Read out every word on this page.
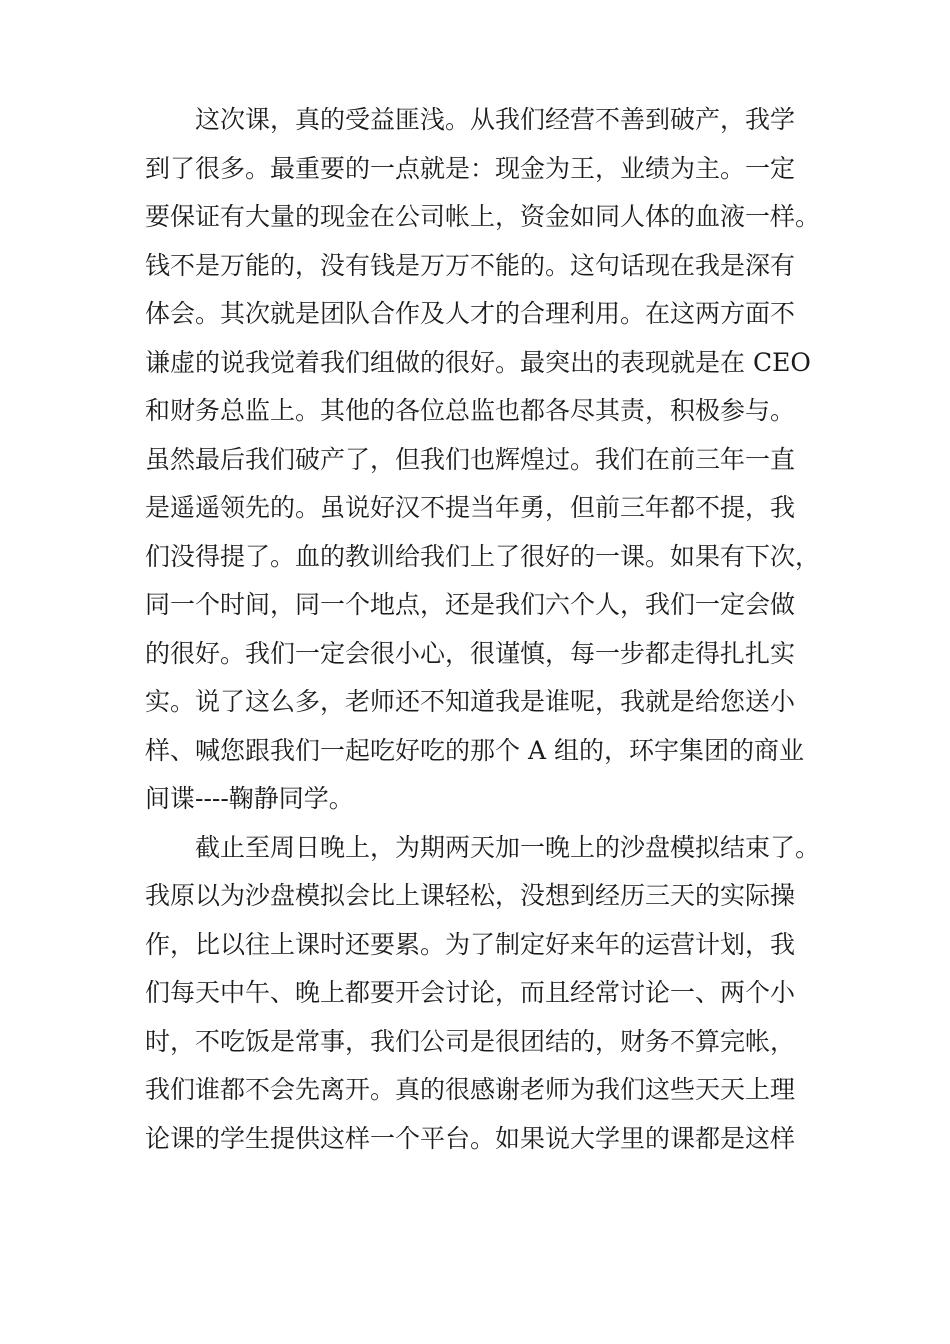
这次课，真的受益匪浅。从我们经营不善到破产，我学
到了很多。最重要的一点就是：现金为王，业绩为主。一定
要保证有大量的现金在公司帐上，资金如同人体的血液一样。
钱不是万能的，没有钱是万万不能的。这句话现在我是深有
体会。其次就是团队合作及人才的合理利用。在这两方面不
谦虚的说我觉着我们组做的很好。最突出的表现就是在 CEO
和财务总监上。其他的各位总监也都各尽其责，积极参与。
虽然最后我们破产了，但我们也辉煌过。我们在前三年一直
是遥遥领先的。虽说好汉不提当年勇，但前三年都不提，我
们没得提了。血的教训给我们上了很好的一课。如果有下次，
同一个时间，同一个地点，还是我们六个人，我们一定会做
的很好。我们一定会很小心，很谨慎，每一步都走得扎扎实
实。说了这么多，老师还不知道我是谁呢，我就是给您送小
样、喊您跟我们一起吃好吃的那个 A 组的，环宇集团的商业
间谍----鞠静同学。
截止至周日晚上，为期两天加一晚上的沙盘模拟结束了。
我原以为沙盘模拟会比上课轻松，没想到经历三天的实际操
作，比以往上课时还要累。为了制定好来年的运营计划，我
们每天中午、晚上都要开会讨论，而且经常讨论一、两个小
时，不吃饭是常事，我们公司是很团结的，财务不算完帐，
我们谁都不会先离开。真的很感谢老师为我们这些天天上理
论课的学生提供这样一个平台。如果说大学里的课都是这样
